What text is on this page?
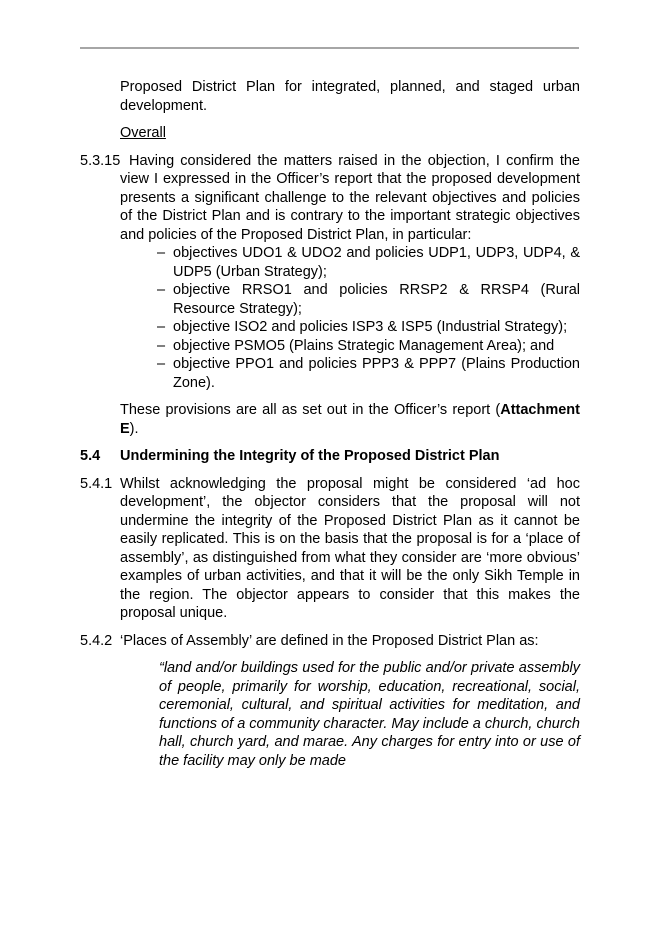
Proposed District Plan for integrated, planned, and staged urban development.
Overall
5.3.15 Having considered the matters raised in the objection, I confirm the view I expressed in the Officer’s report that the proposed development presents a significant challenge to the relevant objectives and policies of the District Plan and is contrary to the important strategic objectives and policies of the Proposed District Plan, in particular:
– objectives UDO1 & UDO2 and policies UDP1, UDP3, UDP4, & UDP5 (Urban Strategy);
– objective RRSO1 and policies RRSP2 & RRSP4 (Rural Resource Strategy);
– objective ISO2 and policies ISP3 & ISP5 (Industrial Strategy);
– objective PSMO5 (Plains Strategic Management Area); and
– objective PPO1 and policies PPP3 & PPP7 (Plains Production Zone).
These provisions are all as set out in the Officer’s report (Attachment E).
5.4 Undermining the Integrity of the Proposed District Plan
5.4.1 Whilst acknowledging the proposal might be considered ‘ad hoc development’, the objector considers that the proposal will not undermine the integrity of the Proposed District Plan as it cannot be easily replicated. This is on the basis that the proposal is for a ‘place of assembly’, as distinguished from what they consider are ‘more obvious’ examples of urban activities, and that it will be the only Sikh Temple in the region. The objector appears to consider that this makes the proposal unique.
5.4.2 ‘Places of Assembly’ are defined in the Proposed District Plan as:
“land and/or buildings used for the public and/or private assembly of people, primarily for worship, education, recreational, social, ceremonial, cultural, and spiritual activities for meditation, and functions of a community character. May include a church, church hall, church yard, and marae. Any charges for entry into or use of the facility may only be made
